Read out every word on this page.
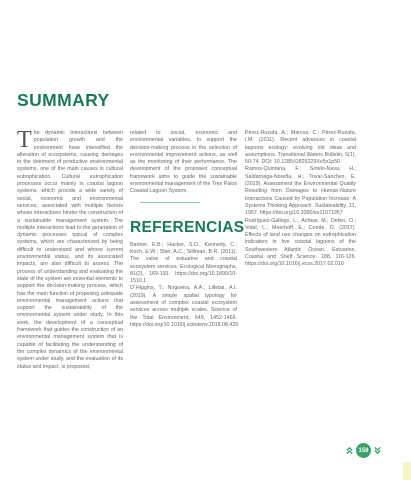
SUMMARY

The dynamic interactions between population growth and the environment have intensified the alteration of ecosystems, causing damages to the detriment of productive environmental systems, one of the main causes is cultural eutrophication. Cultural eutrophication processes occur mainly in coastal lagoon systems, which provide a wide variety of social, economic and environmental services, associated with multiple factors whose interactions hinder the construction of a sustainable management system. The multiple interactions lead to the generation of dynamic processes typical of complex systems, which are characterized by being difficult to understand and whose current environmental status, and its associated impacts, are also difficult to assess. The process of understanding and evaluating the state of the system are essential elements to support the decision-making process, which has the main function of proposing adequate environmental management actions that support the sustainability of the environmental system under study. In this work, the development of a conceptual framework that guides the construction of an environmental management system that is capable of facilitating the understanding of the complex dynamics of the environmental system under study, and the evaluation of its status and impact, is proposed,

related to social, economic and environmental variables, to support the decision-making process in the selection of environmental improvement actions, as well as the monitoring of their performance. The development of the proposed conceptual framework aims to guide the sustainable environmental management of the Tres Palos Coastal Lagoon System.

REFERENCIAS

Barbier, E.B.; Hacker, S.D.; Kennedy, C.; Koch, E.W.; Stier, A.C.; Silliman, B.R. (2011). The value of estuarine and coastal ecosystem services. Ecological Monographs, 81(2), 169-193. https://doi.org/10.1890/10-1510.1

O´Higgins, T.; Nogueira, A.A.; Lillebø, A.I. (2019). A simple spatial typology for assessment of complex coastal ecosystem services across multiple scales. Science of the Total Environment, 649, 1452-1466. https://doi.org/10.1016/j.scitotenv.2018.08.420

Pérez-Ruzafa, A.; Marcos, C.; Pérez-Ruzafa, I.M. (2011). Recent advances in coastal lagoons ecology: evolving old ideas and assumptions. Transitional Waters Bulletin, 5(1), 50-74. DOI: 10.1285/i1825229Xv5n1p50

Ramos-Quintana, F.; Sotelo-Nava, H.; Saldarriaga-Noreña, H.; Tovar-Sánchez, E. (2019). Assessment the Environmental Quality Resulting from Damages to Human-Nature Interactions Caused by Population Increase: A Systems Thinking Approach. Sustainability, 11, 1957. https://doi.org/10.3390/su11071957

Rodríguez-Gallego, L.; Achkar, M.; Defeo, O.; Vidal, L.; Meerhoff, E.; Conde, D. (2017). Effects of land use changes on eutrophication indicators in five coastal lagoons of the Southwestern Atlantic Ocean. Estuarine, Coastal and Shelf Science, 188, 116-126. https://doi.org/10.1016/j.ecss.2017.02.010

158
